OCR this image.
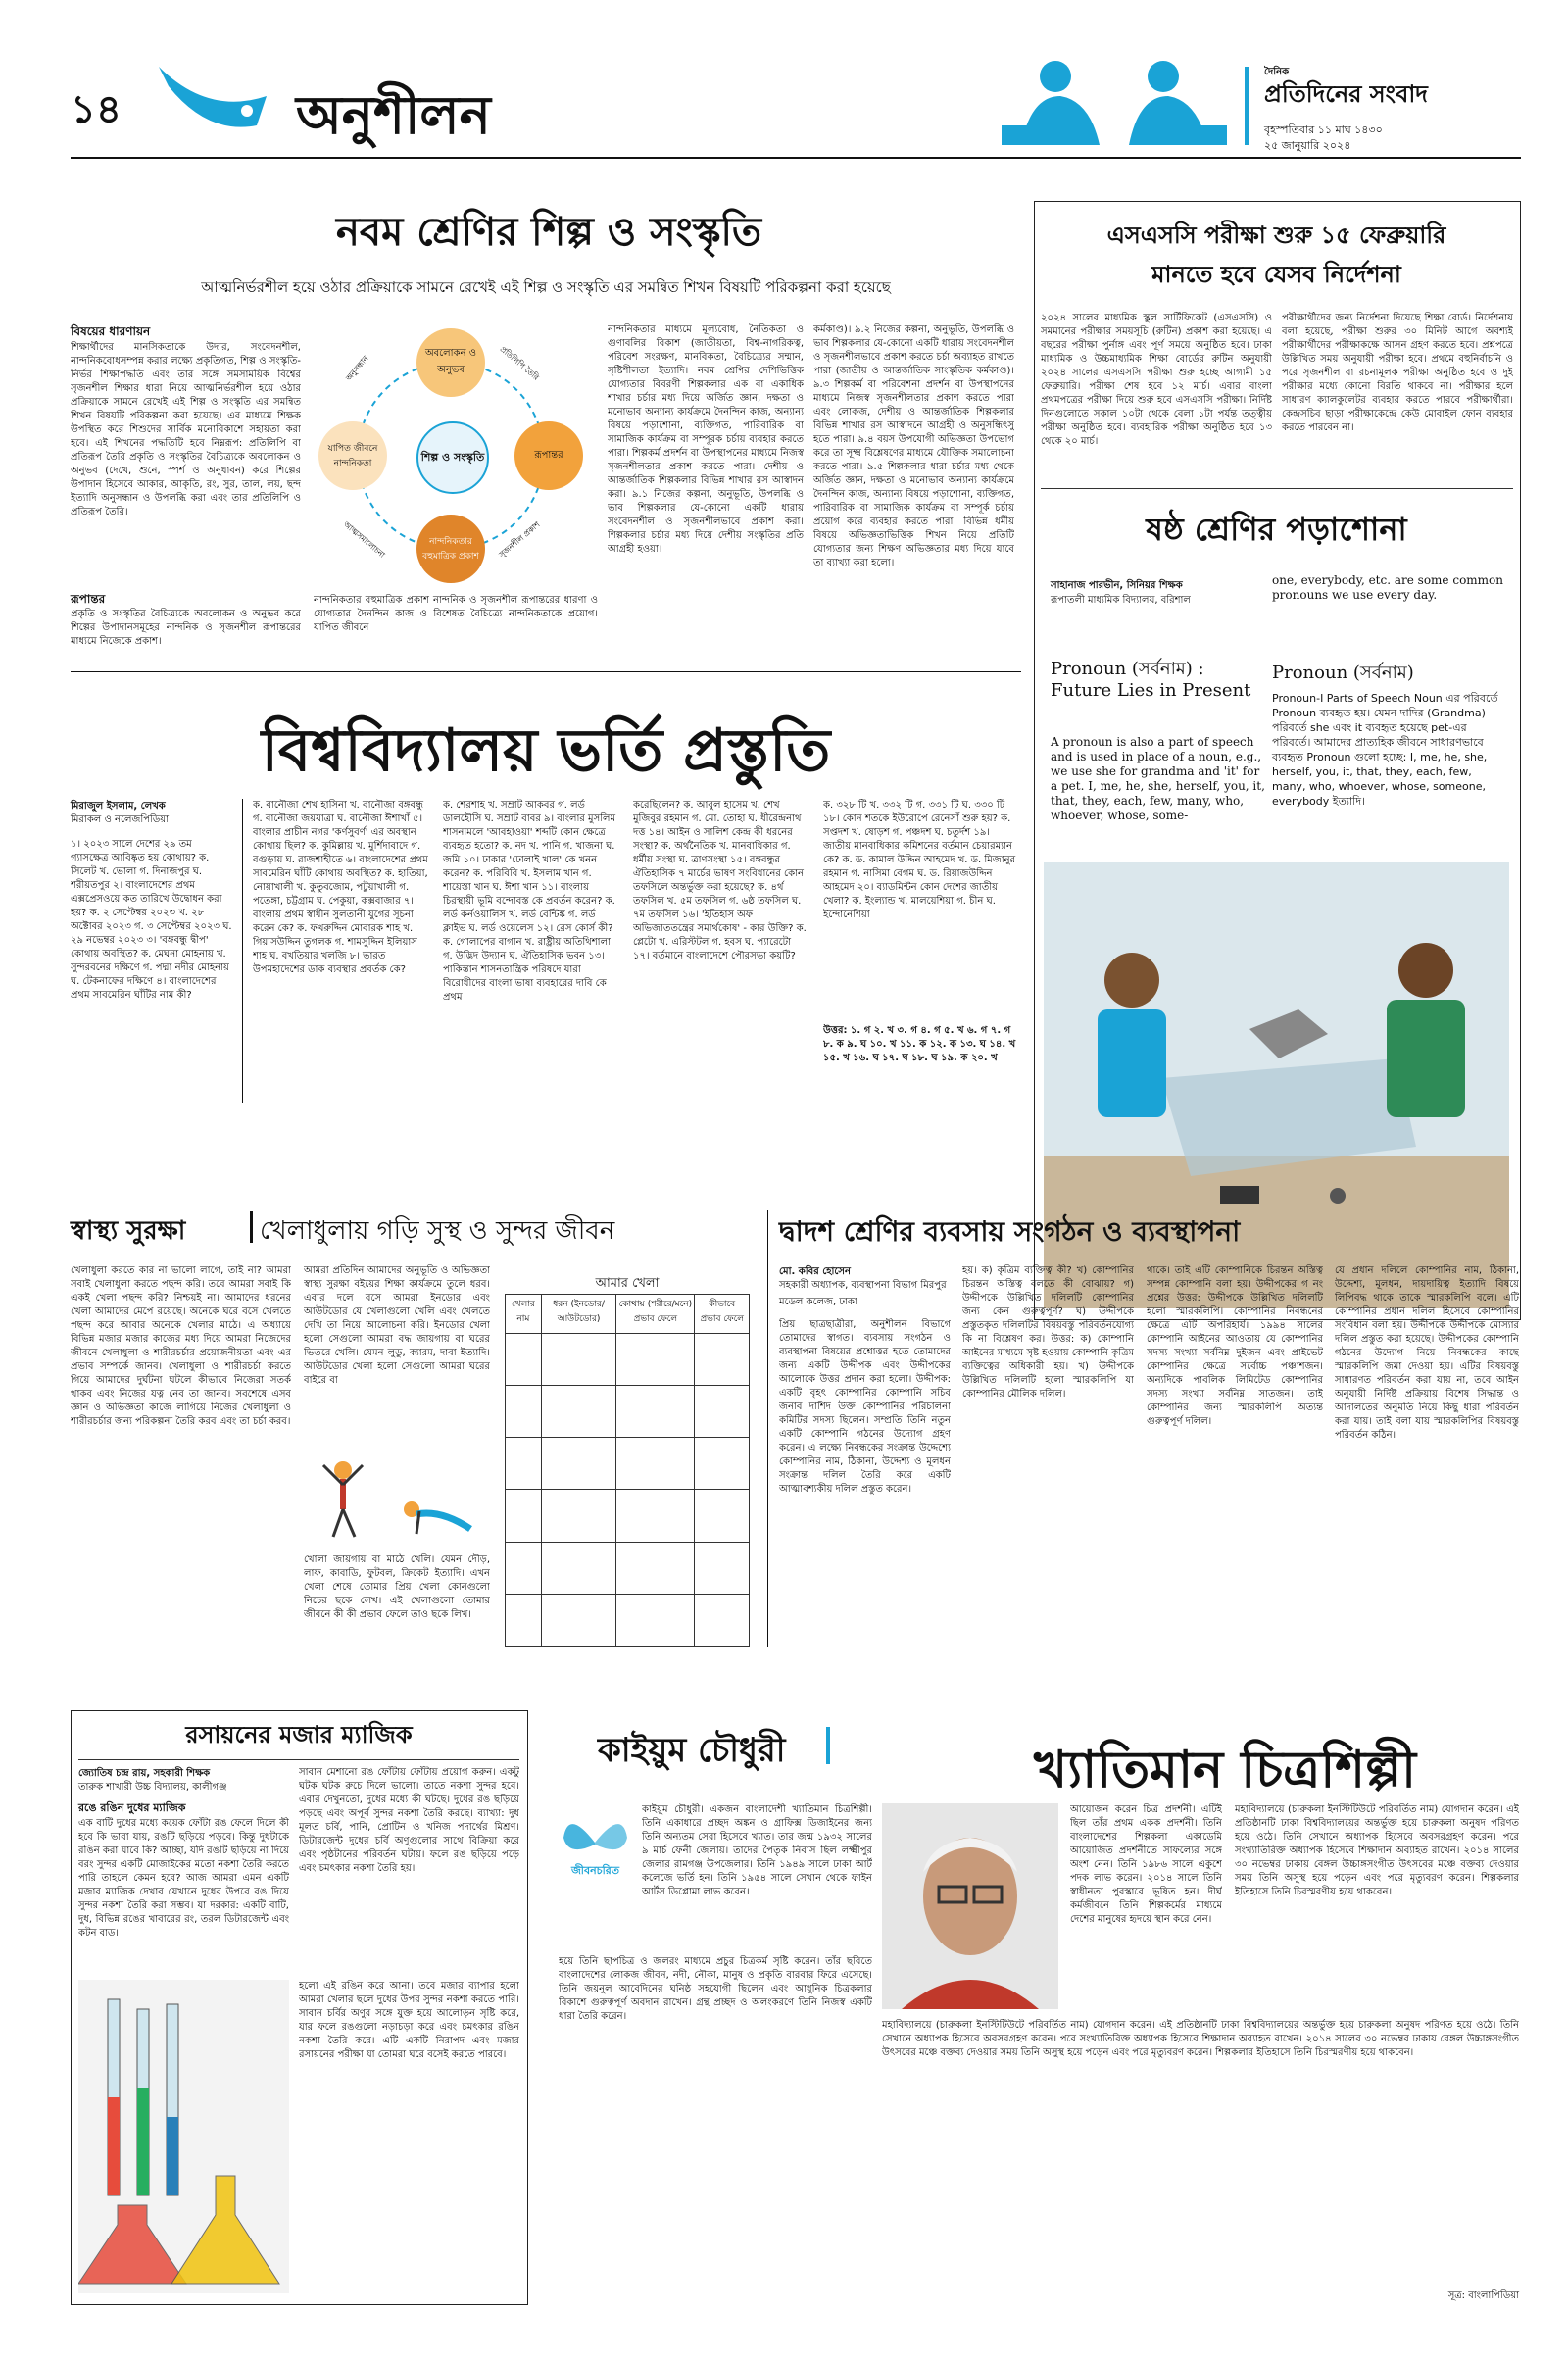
১৪	অনুশীলন
দৈনিক
প্রতিদিনের সংবাদ
বৃহস্পতিবার ১১ মাঘ ১৪৩০
২৫ জানুয়ারি ২০২৪
নবম শ্রেণির শিল্প ও সংস্কৃতি
আত্মনির্ভরশীল হয়ে ওঠার প্রক্রিয়াকে সামনে রেখেই এই শিল্প ও সংস্কৃতি এর সমন্বিত শিখন বিষয়টি পরিকল্পনা করা হয়েছে
বিষয়ের ধারণায়ন
শিক্ষার্থীদের মানসিকতাকে উদার, সংবেদনশীল, নান্দনিকবোধসম্পন্ন করার লক্ষ্যে প্রকৃতিগত, শিল্প ও সংস্কৃতি-নির্ভর শিক্ষাপদ্ধতি এবং তার সঙ্গে সমসাময়িক বিশ্বের সৃজনশীল শিক্ষার ধারা নিয়ে আত্মনির্ভরশীল হয়ে ওঠার প্রক্রিয়াকে সামনে রেখেই এই শিল্প ও সংস্কৃতি এর সমন্বিত শিখন বিষয়টি পরিকল্পনা করা হয়েছে। এর মাধ্যমে শিক্ষক উপস্থিত করে শিশুদের সার্বিক মনোবিকাশে সহায়তা করা হবে। এই শিখনের পদ্ধতিটি হবে নিম্নরূপ: প্রতিলিপি বা প্রতিরূপ তৈরি প্রকৃতি ও সংস্কৃতির বৈচিত্র্যকে অবলোকন ও অনুভব (দেখে, শুনে, স্পর্শ ও অনুধাবন) করে শিল্পের উপাদান হিসেবে আকার, আকৃতি, রং, সুর, তাল, লয়, ছন্দ ইত্যাদি অনুসন্ধান ও উপলব্ধি করা এবং তার প্রতিলিপি ও প্রতিরূপ তৈরি।
রূপান্তর
প্রকৃতি ও সংস্কৃতির বৈচিত্র্যকে অবলোকন ও অনুভব করে শিল্পের উপাদানসমূহের নান্দনিক ও সৃজনশীল রূপান্তরের মাধ্যমে নিজেকে প্রকাশ।
শিল্প ও সংস্কৃতি
অবলোকন ও অনুভব
রূপান্তর
নান্দনিকতার বহুমাত্রিক প্রকাশ
যাপিত জীবনে নান্দনিকতা
প্রতিলিপি তৈরি
সৃজনশীল প্রকাশ
আত্মসমালোচনা
অনুসন্ধান
নান্দনিকতার বহুমাত্রিক প্রকাশ নান্দনিক ও সৃজনশীল রূপান্তরের ধারণা ও যোগ্যতার দৈনন্দিন কাজ ও বিশেষত বৈচিত্র্যে নান্দনিকতাকে প্রয়োগ। যাপিত জীবনে
নান্দনিকতার মাধ্যমে মূল্যবোধ, নৈতিকতা ও গুণাবলির বিকাশ (জাতীয়তা, বিশ্ব-নাগরিকত্ব, পরিবেশ সংরক্ষণ, মানবিকতা, বৈচিত্র্যের সম্মান, সৃষ্টিশীলতা ইত্যাদি। নবম শ্রেণির দেশিভিত্তিক যোগ্যতার বিবরণী শিল্পকলার এক বা একাধিক শাখার চর্চার মধ্য দিয়ে অর্জিত জ্ঞান, দক্ষতা ও মনোভাব অন্যান্য কার্যক্রমে দৈনন্দিন কাজ, অন্যান্য বিষয়ে পড়াশোনা, ব্যক্তিগত, পারিবারিক বা সামাজিক কার্যক্রম বা সম্পূরক চর্চায় ব্যবহার করতে পারা। শিল্পকর্ম প্রদর্শন বা উপস্থাপনের মাধ্যমে নিজস্ব সৃজনশীলতার প্রকাশ করতে পারা। দেশীয় ও আন্তর্জাতিক শিল্পকলার বিভিন্ন শাখার রস আস্বাদন করা। ৯.১ নিজের কল্পনা, অনুভূতি, উপলব্ধি ও ভাব শিল্পকলার যে-কোনো একটি ধারায় সংবেদনশীল ও সৃজনশীলভাবে প্রকাশ করা। শিল্পকলার চর্চার মধ্য দিয়ে দেশীয় সংস্কৃতির প্রতি আগ্রহী হওয়া।
কর্মকাণ্ড)। ৯.২ নিজের কল্পনা, অনুভূতি, উপলব্ধি ও ভাব শিল্পকলার যে-কোনো একটি ধারায় সংবেদনশীল ও সৃজনশীলভাবে প্রকাশ করতে চর্চা অব্যাহত রাখতে পারা (জাতীয় ও আন্তর্জাতিক সাংস্কৃতিক কর্মকাণ্ড)। ৯.৩ শিল্পকর্ম বা পরিবেশনা প্রদর্শন বা উপস্থাপনের মাধ্যমে নিজস্ব সৃজনশীলতার প্রকাশ করতে পারা এবং লোকজ, দেশীয় ও আন্তর্জাতিক শিল্পকলার বিভিন্ন শাখার রস আস্বাদনে আগ্রহী ও অনুসন্ধিৎসু হতে পারা। ৯.৪ বয়স উপযোগী অভিজ্ঞতা উপভোগ করে তা সূক্ষ্ম বিশ্লেষণের মাধ্যমে যৌক্তিক সমালোচনা করতে পারা। ৯.৫ শিল্পকলার ধারা চর্চার মধ্য থেকে অর্জিত জ্ঞান, দক্ষতা ও মনোভাব অন্যান্য কার্যক্রমে দৈনন্দিন কাজ, অন্যান্য বিষয়ে পড়াশোনা, ব্যক্তিগত, পারিবারিক বা সামাজিক কার্যক্রম বা সম্পূর্ক চর্চায় প্রয়োগ করে ব্যবহার করতে পারা। বিভিন্ন ধর্মীয় বিষয়ে অভিজ্ঞতাভিত্তিক শিখন নিয়ে প্রতিটি যোগ্যতার জন্য শিক্ষণ অভিজ্ঞতার মধ্য দিয়ে যাবে তা ব্যাখ্যা করা হলো।
এসএসসি পরীক্ষা শুরু ১৫ ফেব্রুয়ারি
মানতে হবে যেসব নির্দেশনা
২০২৪ সালের মাধ্যমিক স্কুল সার্টিফিকেট (এসএসসি) ও সমমানের পরীক্ষার সময়সূচি (রুটিন) প্রকাশ করা হয়েছে। এ বছরের পরীক্ষা পুর্নাঙ্গ এবং পূর্ণ সময়ে অনুষ্ঠিত হবে। ঢাকা মাধ্যমিক ও উচ্চমাধ্যমিক শিক্ষা বোর্ডের রুটিন অনুযায়ী ২০২৪ সালের এসএসসি পরীক্ষা শুরু হচ্ছে আগামী ১৫ ফেব্রুয়ারি। পরীক্ষা শেষ হবে ১২ মার্চ। এবার বাংলা প্রথমপত্রের পরীক্ষা দিয়ে শুরু হবে এসএসসি পরীক্ষা। নির্দিষ্ট দিনগুলোতে সকাল ১০টা থেকে বেলা ১টা পর্যন্ত তত্ত্বীয় পরীক্ষা অনুষ্ঠিত হবে। ব্যবহারিক পরীক্ষা অনুষ্ঠিত হবে ১৩ থেকে ২০ মার্চ।
পরীক্ষার্থীদের জন্য নির্দেশনা দিয়েছে শিক্ষা বোর্ড। নির্দেশনায় বলা হয়েছে, পরীক্ষা শুরুর ৩০ মিনিট আগে অবশ্যই পরীক্ষার্থীদের পরীক্ষাকক্ষে আসন গ্রহণ করতে হবে। প্রশ্নপত্রে উল্লিখিত সময় অনুযায়ী পরীক্ষা হবে। প্রথমে বহুনির্বাচনি ও পরে সৃজনশীল বা রচনামূলক পরীক্ষা অনুষ্ঠিত হবে ও দুই পরীক্ষার মধ্যে কোনো বিরতি থাকবে না। পরীক্ষার হলে সাধারণ ক্যালকুলেটর ব্যবহার করতে পারবে পরীক্ষার্থীরা। কেন্দ্রসচিব ছাড়া পরীক্ষাকেন্দ্রে কেউ মোবাইল ফোন ব্যবহার করতে পারবেন না।
ষষ্ঠ শ্রেণির পড়াশোনা
সাহানাজ পারভীন, সিনিয়র শিক্ষক
রূপাতলী মাধ্যমিক বিদ্যালয়, বরিশাল
one, everybody, etc. are some common pronouns we use every day.
Pronoun (সর্বনাম) : Future Lies in Present
A pronoun is also a part of speech and is used in place of a noun, e.g., we use she for grandma and 'it' for a pet. I, me, he, she, herself, you, it, that, they, each, few, many, who, whoever, whose, some-
Pronoun (সর্বনাম)
Pronoun-I Parts of Speech Noun এর পরিবর্তে Pronoun ব্যবহৃত হয়। যেমন দাদির (Grandma) পরিবর্তে she এবং it ব্যবহৃত হয়েছে pet-এর পরিবর্তে। আমাদের প্রাত্যহিক জীবনে সাধারণভাবে ব্যবহৃত Pronoun গুলো হচ্ছে: I, me, he, she, herself, you, it, that, they, each, few, many, who, whoever, whose, someone, everybody ইত্যাদি।
বিশ্ববিদ্যালয় ভর্তি প্রস্তুতি
মিরাজুল ইসলাম, লেখক
মিরাকল ও নলেজপিডিয়া
১। ২০২৩ সালে দেশের ২৯ তম গ্যাসক্ষেত্র আবিষ্কৃত হয় কোথায়? ক. সিলেট খ. ভোলা গ. দিনাজপুর ঘ. শরীয়তপুর ২। বাংলাদেশের প্রথম এক্সপ্রেসওয়ে কত তারিখে উদ্বোধন করা হয়? ক. ২ সেপ্টেম্বর ২০২৩ খ. ২৮ অক্টোবর ২০২৩ গ. ৩ সেপ্টেম্বর ২০২৩ ঘ. ২৯ নভেম্বর ২০২৩ ৩। 'বঙ্গবন্ধু দ্বীপ' কোথায় অবস্থিত? ক. মেঘনা মোহনায় খ. সুন্দরবনের দক্ষিণে গ. পদ্মা নদীর মোহনায় ঘ. টেকনাফের দক্ষিণে ৪। বাংলাদেশের প্রথম সাবমেরিন ঘাঁটির নাম কী?
ক. বানৌজা শেখ হাসিনা খ. বানৌজা বঙ্গবন্ধু গ. বানৌজা জয়যাত্রা ঘ. বানৌজা ঈশাখাঁ ৫। বাংলার প্রাচীন নগর 'কর্ণসুবর্ণ' এর অবস্থান কোথায় ছিল? ক. কুমিল্লায় খ. মুর্শিদাবাদে গ. বগুড়ায় ঘ. রাজশাহীতে ৬। বাংলাদেশের প্রথম সাবমেরিন ঘাঁটি কোথায় অবস্থিত? ক. হাতিয়া, নোয়াখালী খ. কুতুবজোম, পটুয়াখালী গ. পতেঙ্গা, চট্টগ্রাম ঘ. পেকুয়া, কক্সবাজার ৭। বাংলায় প্রথম স্বাধীন সুলতানী যুগের সূচনা করেন কে? ক. ফখরুদ্দিন মোবারক শাহ খ. গিয়াসউদ্দিন তুগলক গ. শামসুদ্দিন ইলিয়াস শাহ ঘ. বখতিয়ার খলজি ৮। ভারত উপমহাদেশের ডাক ব্যবস্থার প্রবর্তক কে?
ক. শেরশাহ খ. সম্রাট আকবর গ. লর্ড ডালহৌসি ঘ. সম্রাট বাবর ৯। বাংলার মুসলিম শাসনামলে 'আবহাওয়া' শব্দটি কোন ক্ষেত্রে ব্যবহৃত হতো? ক. নদ খ. পানি গ. খাজনা ঘ. জমি ১০। ঢাকার 'ঢোলাই খাল' কে খনন করেন? ক. পরিবিবি খ. ইসলাম খান গ. শায়েস্তা খান ঘ. ঈশা খান ১১। বাংলায় চিরস্থায়ী ভূমি বন্দোবস্ত কে প্রবর্তন করেন? ক. লর্ড কর্নওয়ালিস খ. লর্ড বেন্টিঙ্ক গ. লর্ড ক্লাইভ ঘ. লর্ড ওয়েলেস ১২। রেস কোর্স কী? ক. গোলাপের বাগান খ. রাষ্ট্রীয় অতিথিশালা গ. উদ্ভিদ উদ্যান ঘ. ঐতিহাসিক ভবন ১৩। পাকিস্তান শাসনতান্ত্রিক পরিষদে যারা বিরোধীদের বাংলা ভাষা ব্যবহারের দাবি কে প্রথম
করেছিলেন? ক. আবুল হাসেম খ. শেখ মুজিবুর রহমান গ. মো. তোহা ঘ. ধীরেন্দ্রনাথ দত্ত ১৪। আইন ও সালিশ কেন্দ্র কী ধরনের সংস্থা? ক. অর্থনৈতিক খ. মানবাধিকার গ. ধর্মীয় সংস্থা ঘ. ত্রাণসংস্থা ১৫। বঙ্গবন্ধুর ঐতিহাসিক ৭ মার্চের ভাষণ সংবিধানের কোন তফসিলে অন্তর্ভুক্ত করা হয়েছে? ক. ৪র্থ তফসিল খ. ৫ম তফসিল গ. ৬ষ্ঠ তফসিল ঘ. ৭ম তফসিল ১৬। 'ইতিহাস অফ অভিজাততন্ত্রের সমার্থকোষ' - কার উক্তি? ক. প্লেটো খ. এরিস্টটল গ. হবস ঘ. প্যারেটো ১৭। বর্তমানে বাংলাদেশে পৌরসভা কয়টি?
ক. ৩২৮ টি খ. ৩৩২ টি গ. ৩৩১ টি ঘ. ৩৩০ টি ১৮। কোন শতকে ইউরোপে রেনেসাঁ শুরু হয়? ক. সপ্তদশ খ. ষোড়শ গ. পঞ্চদশ ঘ. চতুর্দশ ১৯। জাতীয় মানবাধিকার কমিশনের বর্তমান চেয়ারম্যান কে? ক. ড. কামাল উদ্দিন আহমেদ খ. ড. মিজানুর রহমান গ. নাসিমা বেগম ঘ. ড. রিয়াজউদ্দিন আহমেদ ২০। ব্যাডমিন্টন কোন দেশের জাতীয় খেলা? ক. ইংল্যান্ড খ. মালয়েশিয়া গ. চীন ঘ. ইন্দোনেশিয়া
উত্তর: ১. গ ২. খ ৩. গ ৪. গ ৫. খ ৬. গ ৭. গ ৮. ক ৯. ঘ ১০. খ ১১. ক ১২. ক ১৩. ঘ ১৪. খ ১৫. খ ১৬. ঘ ১৭. ঘ ১৮. ঘ ১৯. ক ২০. খ
স্বাস্থ্য সুরক্ষা	খেলাধুলায় গড়ি সুস্থ ও সুন্দর জীবন
খেলাধুলা করতে কার না ভালো লাগে, তাই না? আমরা সবাই খেলাধুলা করতে পছন্দ করি। তবে আমরা সবাই কি একই খেলা পছন্দ করি? নিশ্চয়ই না। আমাদের ধরনের খেলা আমাদের মেপে রয়েছে। অনেকে ঘরে বসে খেলতে পছন্দ করে আবার অনেকে খেলার মাঠে। এ অধ্যায়ে বিভিন্ন মজার মজার কাজের মধ্য দিয়ে আমরা নিজেদের জীবনে খেলাধুলা ও শারীরচর্চার প্রয়োজনীয়তা এবং এর প্রভাব সম্পর্কে জানব। খেলাধুলা ও শারীরচর্চা করতে গিয়ে আমাদের দুর্ঘটনা ঘটলে কীভাবে নিজেরা সতর্ক থাকব এবং নিজের যত্ন নেব তা জানব। সবশেষে এসব জ্ঞান ও অভিজ্ঞতা কাজে লাগিয়ে নিজের খেলাধুলা ও শারীরচর্চার জন্য পরিকল্পনা তৈরি করব এবং তা চর্চা করব।
আমরা প্রতিদিন আমাদের অনুভূতি ও অভিজ্ঞতা স্বাস্থ্য সুরক্ষা বইয়ের শিক্ষা কার্যক্রমে তুলে ধরব। এবার দলে বসে আমরা ইনডোর এবং আউটডোর যে খেলাগুলো খেলি এবং খেলতে দেখি তা নিয়ে আলোচনা করি। ইনডোর খেলা হলো সেগুলো আমরা বদ্ধ জায়গায় বা ঘরের ভিতরে খেলি। যেমন লুডু, ক্যারম, দাবা ইত্যাদি। আউটডোর খেলা হলো সেগুলো আমরা ঘরের বাইরে বা
খোলা জায়গায় বা মাঠে খেলি। যেমন দৌড়, লাফ, কাবাডি, ফুটবল, ক্রিকেট ইত্যাদি। এখন খেলা শেষে তোমার প্রিয় খেলা কোনগুলো নিচের ছকে লেখ। এই খেলাগুলো তোমার জীবনে কী কী প্রভাব ফেলে তাও ছকে লিখ।
আমার খেলা
খেলার নাম	ধরন (ইনডোর/ আউটডোর)	কোথায় (শরীরে/মনে) প্রভাব ফেলে	কীভাবে প্রভাব ফেলে

দ্বাদশ শ্রেণির ব্যবসায় সংগঠন ও ব্যবস্থাপনা
মো. কবির হোসেন
সহকারী অধ্যাপক, ব্যবস্থাপনা বিভাগ মিরপুর মডেল কলেজ, ঢাকা
প্রিয় ছাত্রছাত্রীরা, অনুশীলন বিভাগে তোমাদের স্বাগত। ব্যবসায় সংগঠন ও ব্যবস্থাপনা বিষয়ের প্রশ্নোত্তর হতে তোমাদের জন্য একটি উদ্দীপক এবং উদ্দীপকের আলোকে উত্তর প্রদান করা হলো। উদ্দীপক: একটি বৃহৎ কোম্পানির কোম্পানি সচিব জনাব দাশিদ উক্ত কোম্পানির পরিচালনা কমিটির সদস্য ছিলেন। সম্প্রতি তিনি নতুন একটি কোম্পানি গঠনের উদ্যোগ গ্রহণ করেন। এ লক্ষ্যে নিবন্ধকের সংক্রান্ত উদ্দেশ্যে কোম্পানির নাম, ঠিকানা, উদ্দেশ্য ও মূলধন সংক্রান্ত দলিল তৈরি করে একটি আত্মাবশ্যকীয় দলিল প্রস্তুত করেন।
হয়। ক) কৃত্রিম ব্যক্তিত্ব কী? খ) কোম্পানির চিরন্তন অস্তিত্ব বলতে কী বোঝায়? গ) উদ্দীপকে উল্লিখিত দলিলটি কোম্পানির জন্য কেন গুরুত্বপূর্ণ? ঘ) উদ্দীপকে প্রস্তুতকৃত দলিলটির বিষয়বস্তু পরিবর্তনযোগ্য কি না বিশ্লেষণ কর। উত্তর: ক) কোম্পানি আইনের মাধ্যমে সৃষ্ট হওয়ায় কোম্পানি কৃত্রিম ব্যক্তিত্বের অধিকারী হয়। খ) উদ্দীপকে উল্লিখিত দলিলটি হলো স্মারকলিপি যা কোম্পানির মৌলিক দলিল।
থাকে। তাই এটি কোম্পানিকে চিরন্তন অস্তিত্ব সম্পন্ন কোম্পানি বলা হয়। উদ্দীপকের গ নং প্রশ্নের উত্তর: উদ্দীপকে উল্লিখিত দলিলটি হলো স্মারকলিপি। কোম্পানির নিবন্ধনের ক্ষেত্রে এটি অপরিহার্য। ১৯৯৪ সালের কোম্পানি আইনের আওতায় যে কোম্পানির সদস্য সংখ্যা সর্বনিম্ন দুইজন এবং প্রাইভেট কোম্পানির ক্ষেত্রে সর্বোচ্চ পঞ্চাশজন। অন্যদিকে পাবলিক লিমিটেড কোম্পানির সদস্য সংখ্যা সর্বনিম্ন সাতজন। তাই কোম্পানির জন্য স্মারকলিপি অত্যন্ত গুরুত্বপূর্ণ দলিল।
যে প্রধান দলিলে কোম্পানির নাম, ঠিকানা, উদ্দেশ্য, মূলধন, দায়দায়িত্ব ইত্যাদি বিষয়ে লিপিবদ্ধ থাকে তাকে স্মারকলিপি বলে। এটি কোম্পানির প্রধান দলিল হিসেবে কোম্পানির সংবিধান বলা হয়। উদ্দীপকে উদ্দীপকে মোস্যার দলিল প্রস্তুত করা হয়েছে। উদ্দীপকের কোম্পানি গঠনের উদ্যোগ নিয়ে নিবন্ধকের কাছে স্মারকলিপি জমা দেওয়া হয়। এটির বিষয়বস্তু সাধারণত পরিবর্তন করা যায় না, তবে আইন অনুযায়ী নির্দিষ্ট প্রক্রিয়ায় বিশেষ সিদ্ধান্ত ও আদালতের অনুমতি নিয়ে কিছু ধারা পরিবর্তন করা যায়। তাই বলা যায় স্মারকলিপির বিষয়বস্তু পরিবর্তন কঠিন।
রসায়নের মজার ম্যাজিক
জ্যোতিষ চন্দ্র রায়, সহকারী শিক্ষক
তারুক শাখারী উচ্চ বিদ্যালয়, কালীগঞ্জ
রঙে রঙিন দুধের ম্যাজিক
এক বাটি দুধের মধ্যে কয়েক ফোঁটা রঙ ফেলে দিলে কী হবে কি ভাবা যায়, রঙটি ছড়িয়ে পড়বে। কিন্তু দুধটাকে রঙিন করা যাবে কি? আচ্ছা, যদি রঙটি ছড়িয়ে না দিয়ে বরং সুন্দর একটি মোজাইকের মতো নকশা তৈরি করতে পারি তাহলে কেমন হবে? আজ আমরা এমন একটি মজার ম্যাজিক দেখাব যেখানে দুধের উপরে রঙ দিয়ে সুন্দর নকশা তৈরি করা সম্ভব। যা দরকার: একটি বাটি, দুধ, বিভিন্ন রঙের খাবারের রং, তরল ডিটারজেন্ট এবং কটন বাড।
সাবান মেশানো রঙ ফোঁটায় ফোঁটায় প্রয়োগ করুন। একটু ঘটক ঘটক রুচে দিলে ভালো। তাতে নকশা সুন্দর হবে। এবার দেখুনতো, দুধের মধ্যে কী ঘটছে। দুধের রঙ ছড়িয়ে পড়ছে এবং অপূর্ব সুন্দর নকশা তৈরি করছে। ব্যাখ্যা: দুধ মূলত চর্বি, পানি, প্রোটিন ও খনিজ পদার্থের মিশ্রণ। ডিটারজেন্ট দুধের চর্বি অণুগুলোর সাথে বিক্রিয়া করে এবং পৃষ্ঠটানের পরিবর্তন ঘটায়। ফলে রঙ ছড়িয়ে পড়ে এবং চমৎকার নকশা তৈরি হয়।
হলো এই রঙিন করে আনা। তবে মজার ব্যাপার হলো আমরা খেলার ছলে দুধের উপর সুন্দর নকশা করতে পারি। সাবান চর্বির অণুর সঙ্গে যুক্ত হয়ে আলোড়ন সৃষ্টি করে, যার ফলে রঙগুলো নড়াচড়া করে এবং চমৎকার রঙিন নকশা তৈরি করে। এটি একটি নিরাপদ এবং মজার রসায়নের পরীক্ষা যা তোমরা ঘরে বসেই করতে পারবে।
কাইয়ুম চৌধুরী	খ্যাতিমান চিত্রশিল্পী
জীবনচরিত
কাইয়ুম চৌধুরী। একজন বাংলাদেশী খ্যাতিমান চিত্রশিল্পী। তিনি একাধারে প্রচ্ছদ অঙ্কন ও গ্রাফিক্স ডিজাইনের জন্য তিনি অন্যতম সেরা হিসেবে খ্যাত। তার জন্ম ১৯৩২ সালের ৯ মার্চ ফেনী জেলায়। তাদের পৈতৃক নিবাস ছিল লক্ষ্মীপুর জেলার রামগঞ্জ উপজেলার। তিনি ১৯৪৯ সালে ঢাকা আর্ট কলেজে ভর্তি হন। তিনি ১৯৫৪ সালে সেখান থেকে ফাইন আর্টস ডিপ্লোমা লাভ করেন।
হয়ে তিনি ছাপচিত্র ও জলরং মাধ্যমে প্রচুর চিত্রকর্ম সৃষ্টি করেন। তাঁর ছবিতে বাংলাদেশের লোকজ জীবন, নদী, নৌকা, মানুষ ও প্রকৃতি বারবার ফিরে এসেছে। তিনি জয়নুল আবেদিনের ঘনিষ্ঠ সহযোগী ছিলেন এবং আধুনিক চিত্রকলার বিকাশে গুরুত্বপূর্ণ অবদান রাখেন। গ্রন্থ প্রচ্ছদ ও অলংকরণে তিনি নিজস্ব একটি ধারা তৈরি করেন।
আয়োজন করেন চিত্র প্রদর্শনী। এটিই ছিল তাঁর প্রথম একক প্রদর্শনী। তিনি বাংলাদেশের শিল্পকলা একাডেমি আয়োজিত প্রদর্শনীতে সাফল্যের সঙ্গে অংশ নেন। তিনি ১৯৮৬ সালে একুশে পদক লাভ করেন। ২০১৪ সালে তিনি স্বাধীনতা পুরস্কারে ভূষিত হন। দীর্ঘ কর্মজীবনে তিনি শিল্পকর্মের মাধ্যমে দেশের মানুষের হৃদয়ে স্থান করে নেন।
মহাবিদ্যালয়ে (চারুকলা ইনস্টিটিউটে পরিবর্তিত নাম) যোগদান করেন। এই প্রতিষ্ঠানটি ঢাকা বিশ্ববিদ্যালয়ের অন্তর্ভুক্ত হয়ে চারুকলা অনুষদ পরিণত হয়ে ওঠে। তিনি সেখানে অধ্যাপক হিসেবে অবসরগ্রহণ করেন। পরে সংখ্যাতিরিক্ত অধ্যাপক হিসেবে শিক্ষাদান অব্যাহত রাখেন। ২০১৪ সালের ৩০ নভেম্বর ঢাকায় বেঙ্গল উচ্চাঙ্গসংগীত উৎসবের মঞ্চে বক্তব্য দেওয়ার সময় তিনি অসুস্থ হয়ে পড়েন এবং পরে মৃত্যুবরণ করেন। শিল্পকলার ইতিহাসে তিনি চিরস্মরণীয় হয়ে থাকবেন।
সূত্র: বাংলাপিডিয়া
মহাবিদ্যালয়ে (চারুকলা ইনস্টিটিউটে পরিবর্তিত নাম) যোগদান করেন। এই প্রতিষ্ঠানটি ঢাকা বিশ্ববিদ্যালয়ের অন্তর্ভুক্ত হয়ে চারুকলা অনুষদ পরিণত হয়ে ওঠে। তিনি সেখানে অধ্যাপক হিসেবে অবসরগ্রহণ করেন। পরে সংখ্যাতিরিক্ত অধ্যাপক হিসেবে শিক্ষাদান অব্যাহত রাখেন। ২০১৪ সালের ৩০ নভেম্বর ঢাকায় বেঙ্গল উচ্চাঙ্গসংগীত উৎসবের মঞ্চে বক্তব্য দেওয়ার সময় তিনি অসুস্থ হয়ে পড়েন এবং পরে মৃত্যুবরণ করেন। শিল্পকলার ইতিহাসে তিনি চিরস্মরণীয় হয়ে থাকবেন।
